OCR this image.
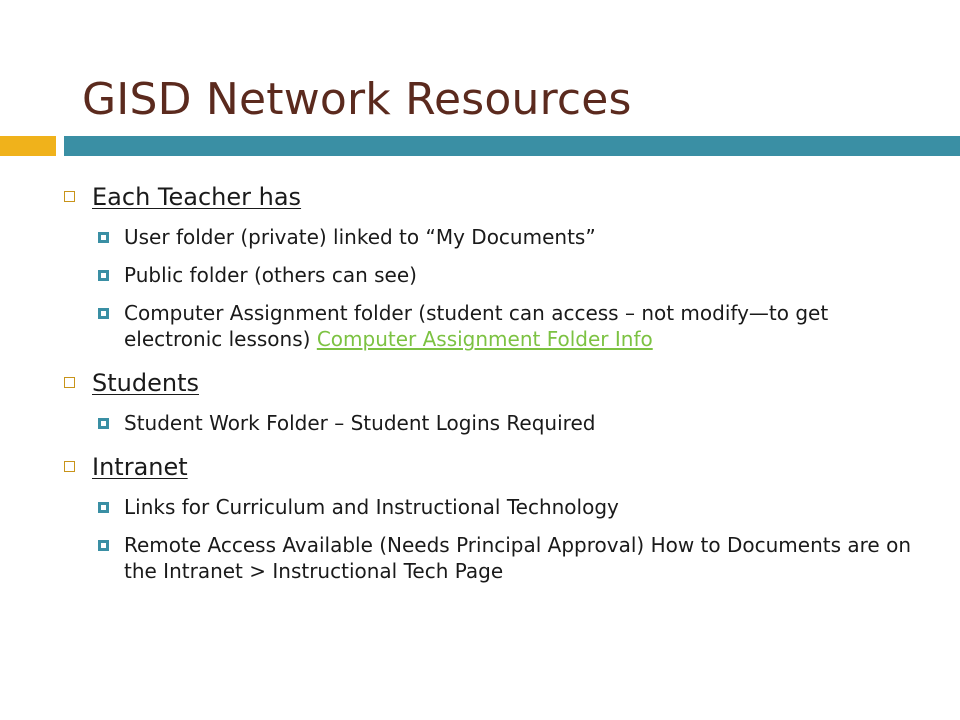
GISD Network Resources
Each Teacher has
User folder (private) linked to “My Documents”
Public folder (others can see)
Computer Assignment folder (student can access – not modify—to get electronic lessons) Computer Assignment Folder Info
Students
Student Work Folder – Student Logins Required
Intranet
Links for Curriculum and Instructional Technology
Remote Access Available (Needs Principal Approval) How to Documents are on the Intranet > Instructional Tech Page
